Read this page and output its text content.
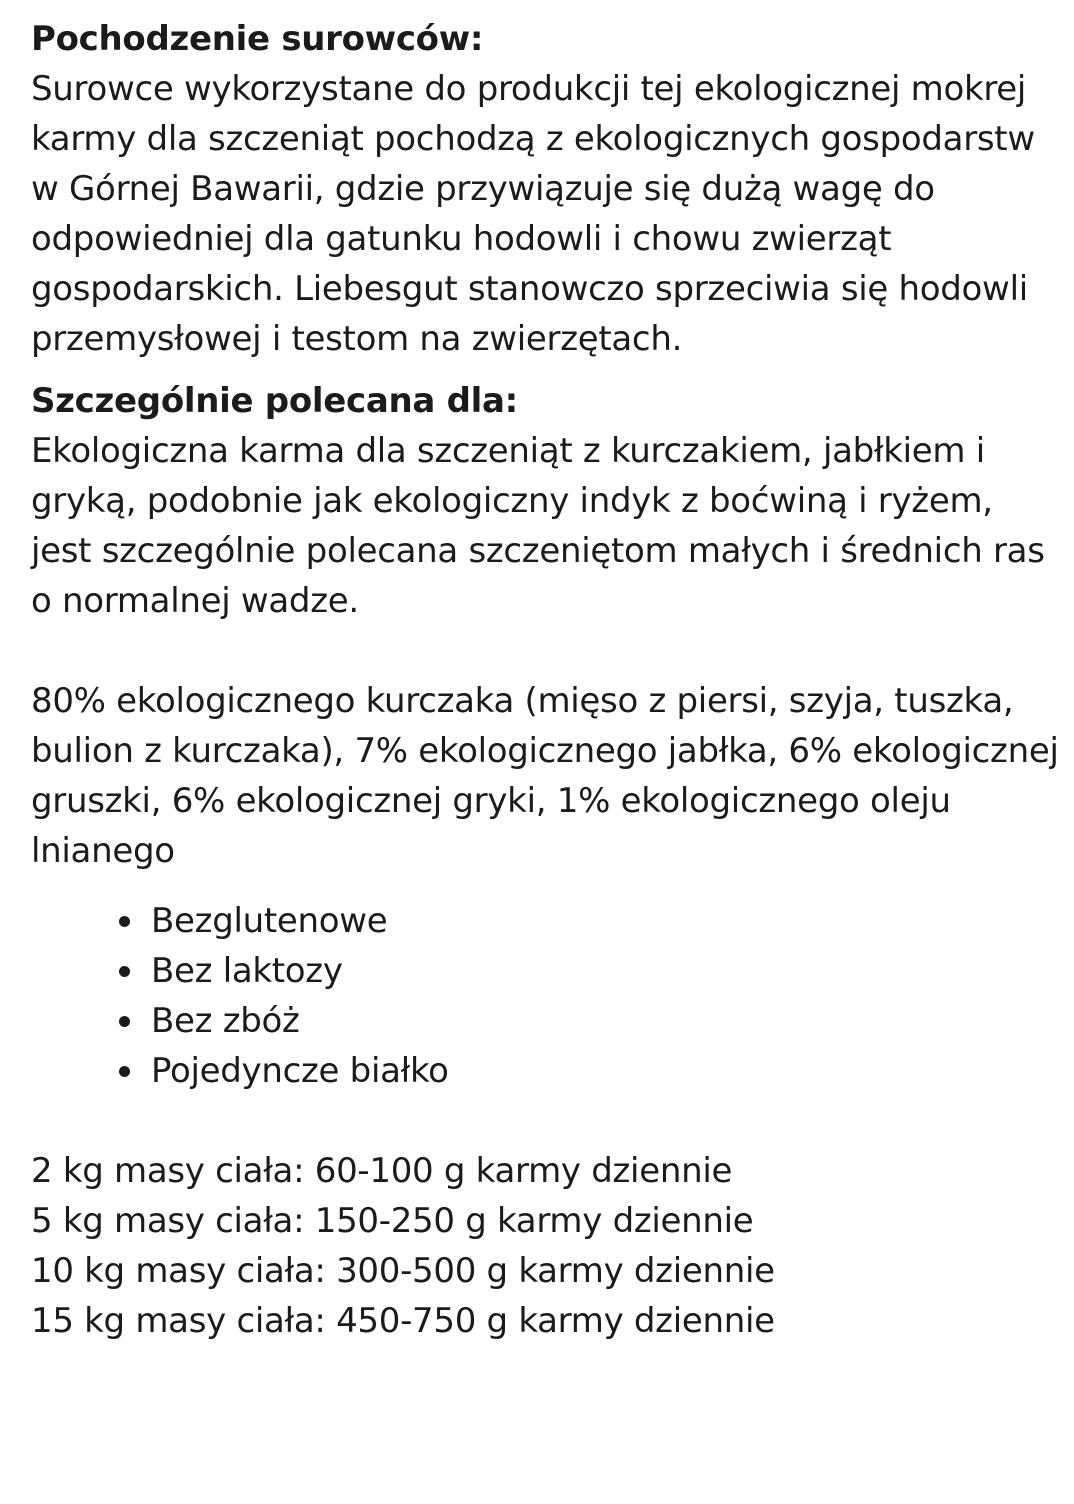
Pochodzenie surowców:

Surowce wykorzystane do produkcji tej ekologicznej mokrej karmy dla szczeniąt pochodzą z ekologicznych gospodarstw w Górnej Bawarii, gdzie przywiązuje się dużą wagę do odpowiedniej dla gatunku hodowli i chowu zwierząt gospodarskich. Liebesgut stanowczo sprzeciwia się hodowli przemysłowej i testom na zwierzętach.

Szczególnie polecana dla:

Ekologiczna karma dla szczeniąt z kurczakiem, jabłkiem i gryką, podobnie jak ekologiczny indyk z boćwiną i ryżem, jest szczególnie polecana szczeniętom małych i średnich ras o normalnej wadze.

80% ekologicznego kurczaka (mięso z piersi, szyja, tuszka, bulion z kurczaka), 7% ekologicznego jabłka, 6% ekologicznej gruszki, 6% ekologicznej gryki, 1% ekologicznego oleju lnianego

Bezglutenowe
Bez laktozy
Bez zbóż
Pojedyncze białko

2 kg masy ciała: 60-100 g karmy dziennie

5 kg masy ciała: 150-250 g karmy dziennie

10 kg masy ciała: 300-500 g karmy dziennie

15 kg masy ciała: 450-750 g karmy dziennie
